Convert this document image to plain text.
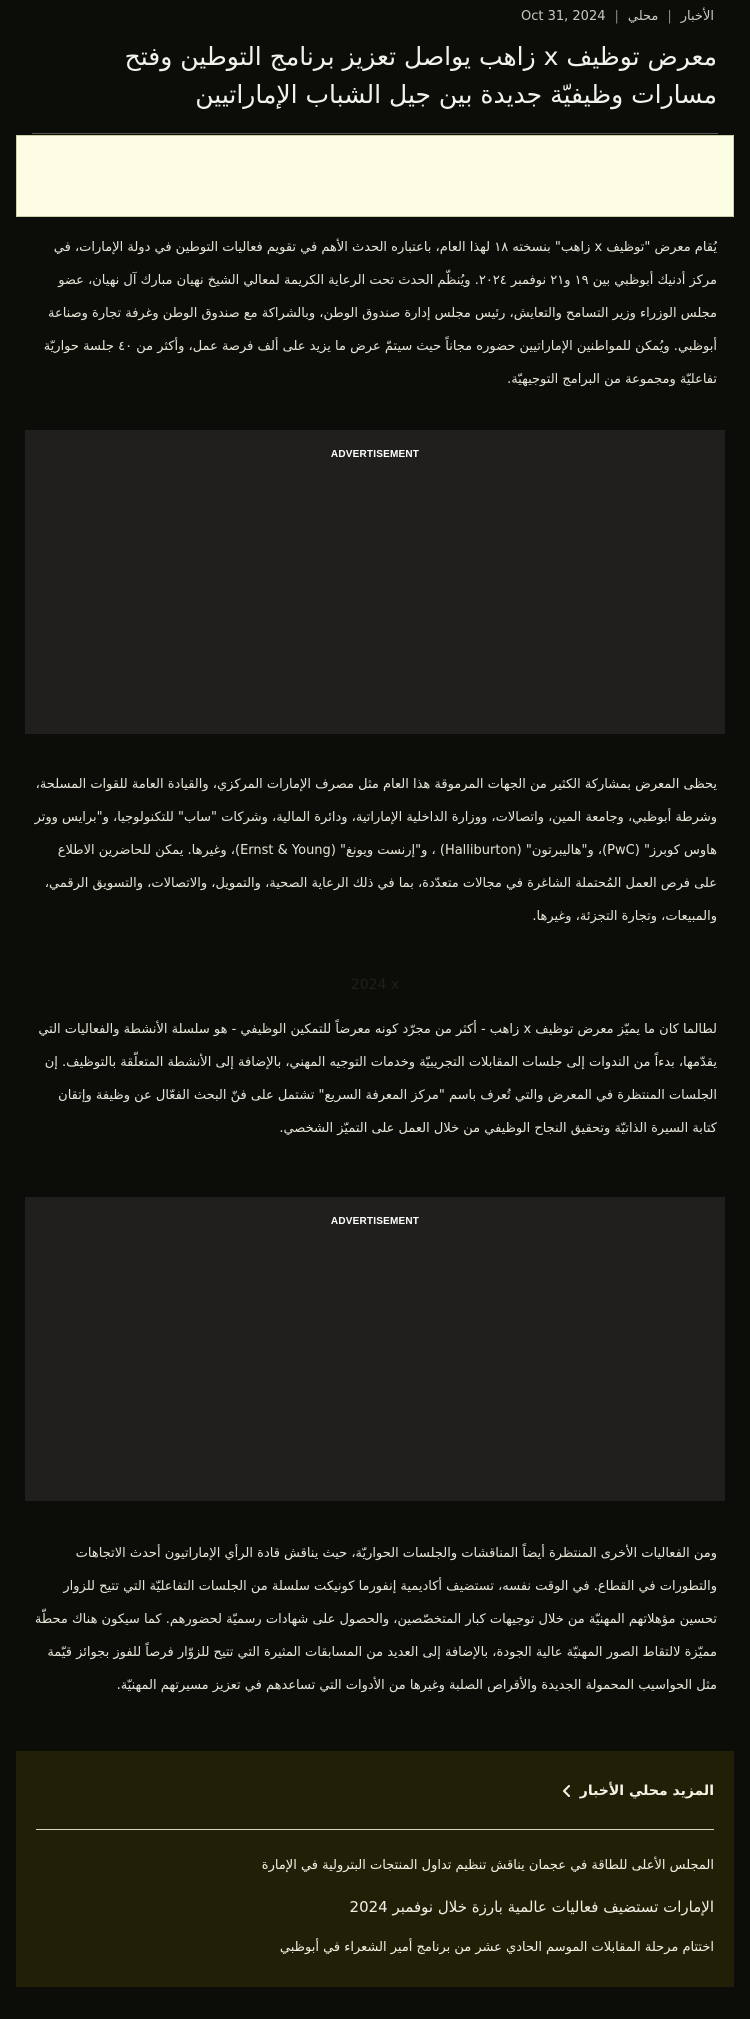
Oct 31, 2024 | محلي | الأخبار
معرض توظيف x زاهب يواصل تعزيز برنامج التوطين وفتح مسارات وظيفيّة جديدة بين جيل الشباب الإماراتيين

يُقام معرض "توظيف x زاهب" بنسخته ١٨ لهذا العام، باعتباره الحدث الأهم في تقويم فعاليات التوطين في دولة الإمارات، في مركز أدنيك أبوظبي بين ١٩ و٢١ نوفمبر ٢٠٢٤. ويُنظّم الحدث تحت الرعاية الكريمة لمعالي الشيخ نهيان مبارك آل نهيان، عضو مجلس الوزراء وزير التسامح والتعايش، رئيس مجلس إدارة صندوق الوطن، وبالشراكة مع صندوق الوطن وغرفة تجارة وصناعة أبوظبي. ويُمكن للمواطنين الإماراتيين حضوره مجاناً حيث سيتمّ عرض ما يزيد على ألف فرصة عمل، وأكثر من ٤٠ جلسة حواريّة تفاعليّة ومجموعة من البرامج التوجيهيّة.

ADVERTISEMENT

يحظى المعرض بمشاركة الكثير من الجهات المرموقة هذا العام مثل مصرف الإمارات المركزي، والقيادة العامة للقوات المسلحة، وشرطة أبوظبي، وجامعة المين، واتصالات، ووزارة الداخلية الإماراتية، ودائرة المالية، وشركات "ساب" للتكنولوجيا، و"برايس ووتر هاوس كوبرز" (PwC)، و"هاليبرتون" (Halliburton) ، و"إرنست ويونغ" (Ernst & Young)، وغيرها. يمكن للحاضرين الاطلاع على فرص العمل المُحتملة الشاغرة في مجالات متعدّدة، بما في ذلك الرعاية الصحية، والتمويل، والاتصالات، والتسويق الرقمي، والمبيعات، وتجارة التجزئة، وغيرها.

2024 x

لطالما كان ما يميّز معرض توظيف x زاهب - أكثر من مجرّد كونه معرضاً للتمكين الوظيفي - هو سلسلة الأنشطة والفعاليات التي يقدّمها، بدءاً من الندوات إلى جلسات المقابلات التجريبيّة وخدمات التوجيه المهني، بالإضافة إلى الأنشطة المتعلّقة بالتوظيف. إن الجلسات المنتظرة في المعرض والتي تُعرف باسم "مركز المعرفة السريع" تشتمل على فنّ البحث الفعّال عن وظيفة وإتقان كتابة السيرة الذاتيّة وتحقيق النجاح الوظيفي من خلال العمل على التميّز الشخصي.

ADVERTISEMENT

ومن الفعاليات الأخرى المنتظرة أيضاً المناقشات والجلسات الحواريّة، حيث يناقش قادة الرأي الإماراتيون أحدث الاتجاهات والتطورات في القطاع. في الوقت نفسه، تستضيف أكاديمية إنفورما كونيكت سلسلة من الجلسات التفاعليّة التي تتيح للزوار تحسين مؤهلاتهم المهنيّة من خلال توجيهات كبار المتخصّصين، والحصول على شهادات رسميّة لحضورهم. كما سيكون هناك محطّة مميّزة لالتقاط الصور المهنيّة عالية الجودة، بالإضافة إلى العديد من المسابقات المثيرة التي تتيح للزوّار فرصاً للفوز بجوائز قيّمة مثل الحواسيب المحمولة الجديدة والأقراص الصلبة وغيرها من الأدوات التي تساعدهم في تعزيز مسيرتهم المهنيّة.

المزيد محلي الأخبار
المجلس الأعلى للطاقة في عجمان يناقش تنظيم تداول المنتجات البترولية في الإمارة
الإمارات تستضيف فعاليات عالمية بارزة خلال نوفمبر 2024
اختتام مرحلة المقابلات الموسم الحادي عشر من برنامج أمير الشعراء في أبوظبي
